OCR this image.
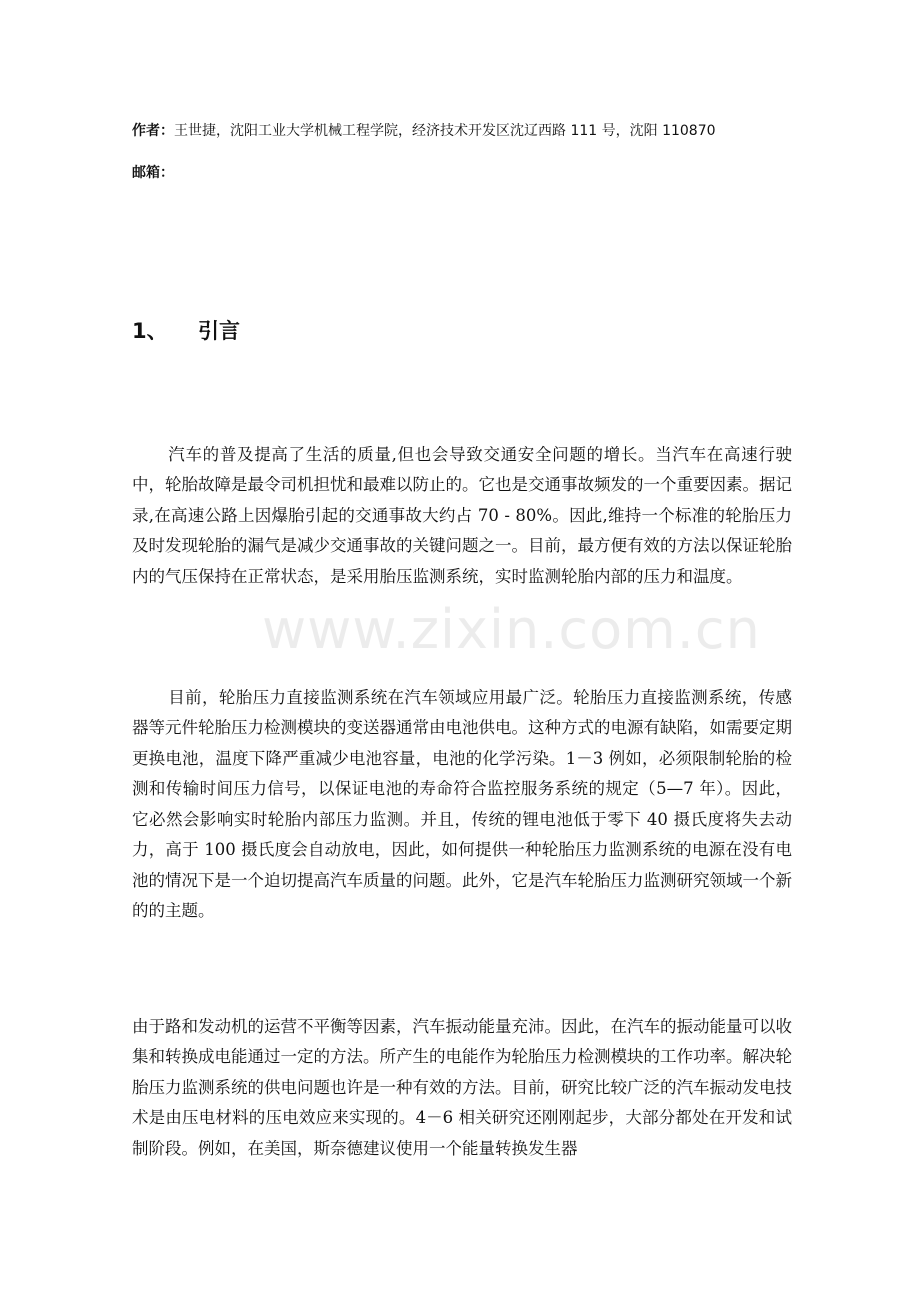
作者：王世捷，沈阳工业大学机械工程学院，经济技术开发区沈辽西路 111 号，沈阳 110870
邮箱：
1、 引言

汽车的普及提高了生活的质量,但也会导致交通安全问题的增长。当汽车在高速行驶中，轮胎故障是最令司机担忧和最难以防止的。它也是交通事故频发的一个重要因素。据记录,在高速公路上因爆胎引起的交通事故大约占 70 - 80%。因此,维持一个标准的轮胎压力及时发现轮胎的漏气是减少交通事故的关键问题之一。目前，最方便有效的方法以保证轮胎内的气压保持在正常状态，是采用胎压监测系统，实时监测轮胎内部的压力和温度。

目前，轮胎压力直接监测系统在汽车领域应用最广泛。轮胎压力直接监测系统，传感器等元件轮胎压力检测模块的变送器通常由电池供电。这种方式的电源有缺陷，如需要定期更换电池，温度下降严重减少电池容量，电池的化学污染。1－3 例如，必须限制轮胎的检测和传输时间压力信号，以保证电池的寿命符合监控服务系统的规定（5—7 年）。因此，它必然会影响实时轮胎内部压力监测。并且，传统的锂电池低于零下 40 摄氏度将失去动力，高于 100 摄氏度会自动放电，因此，如何提供一种轮胎压力监测系统的电源在没有电池的情况下是一个迫切提高汽车质量的问题。此外，它是汽车轮胎压力监测研究领域一个新的的主题。

由于路和发动机的运营不平衡等因素，汽车振动能量充沛。因此，在汽车的振动能量可以收集和转换成电能通过一定的方法。所产生的电能作为轮胎压力检测模块的工作功率。解决轮胎压力监测系统的供电问题也许是一种有效的方法。目前，研究比较广泛的汽车振动发电技术是由压电材料的压电效应来实现的。4－6 相关研究还刚刚起步，大部分都处在开发和试制阶段。例如，在美国，斯奈德建议使用一个能量转换发生器

www.zixin.com.cn
